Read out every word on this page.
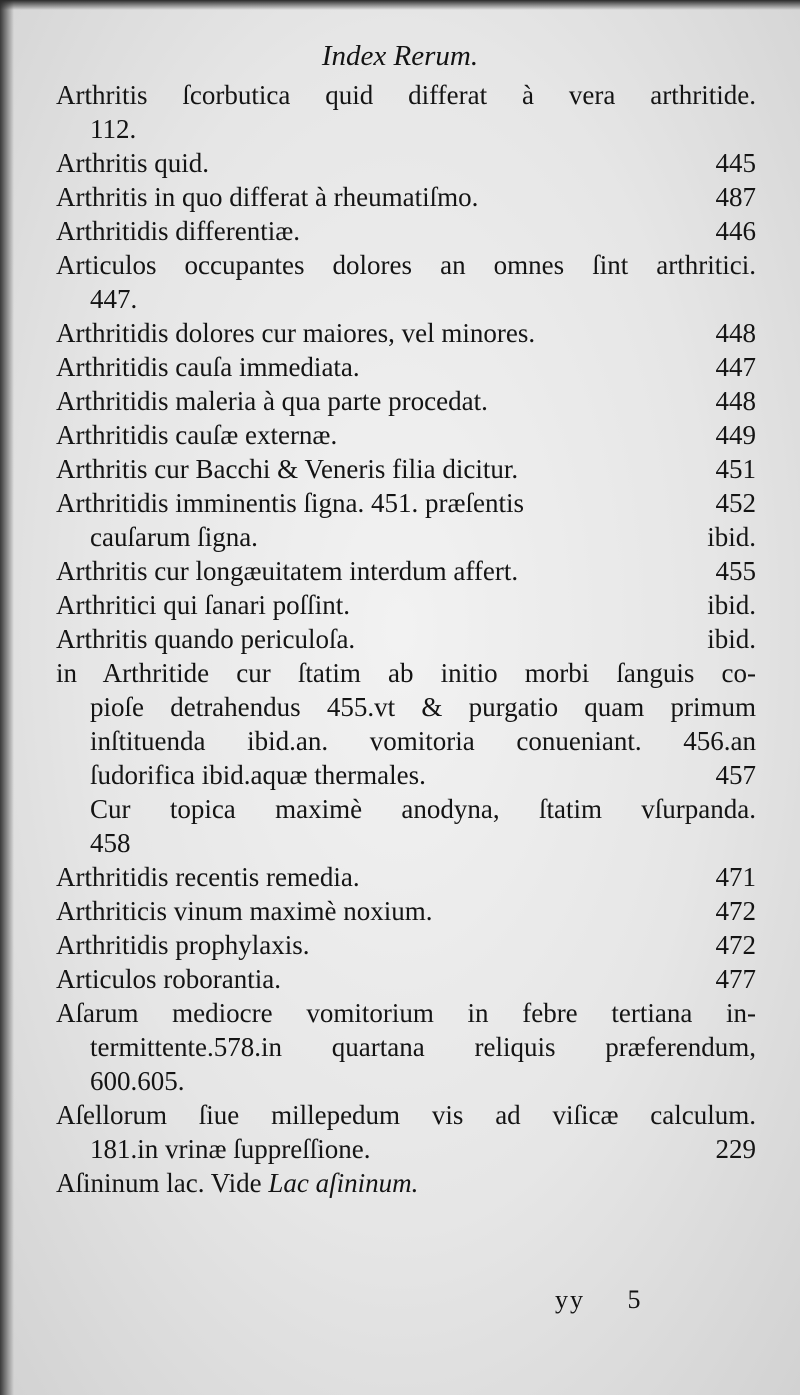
Index Rerum.
Arthritis ſcorbutica quid differat à vera arthritide.
112.
Arthritis quid.	445
Arthritis in quo differat à rheumatiſmo.	487
Arthritidis differentiæ.	446
Articulos occupantes dolores an omnes ſint arthritici.
447.
Arthritidis dolores cur maiores, vel minores.	448
Arthritidis cauſa immediata.	447
Arthritidis maleria à qua parte procedat.	448
Arthritidis cauſæ externæ.	449
Arthritis cur Bacchi & Veneris filia dicitur.	451
Arthritidis imminentis ſigna. 451. præſentis	452
cauſarum ſigna.	ibid.
Arthritis cur longæuitatem interdum affert.	455
Arthritici qui ſanari poſſint.	ibid.
Arthritis quando periculoſa.	ibid.
in Arthritide cur ſtatim ab initio morbi ſanguis co-
pioſe detrahendus 455.vt & purgatio quam primum
inſtituenda ibid.an. vomitoria conueniant. 456.an
ſudorifica ibid.aquæ thermales.	457
Cur topica maximè anodyna, ſtatim vſurpanda.
458
Arthritidis recentis remedia.	471
Arthriticis vinum maximè noxium.	472
Arthritidis prophylaxis.	472
Articulos roborantia.	477
Aſarum mediocre vomitorium in febre tertiana in-
termittente.578.in quartana reliquis præferendum,
600.605.
Aſellorum ſiue millepedum vis ad viſicæ calculum.
181.in vrinæ ſuppreſſione.	229
Aſininum lac. Vide Lac aſininum.
yy 5
